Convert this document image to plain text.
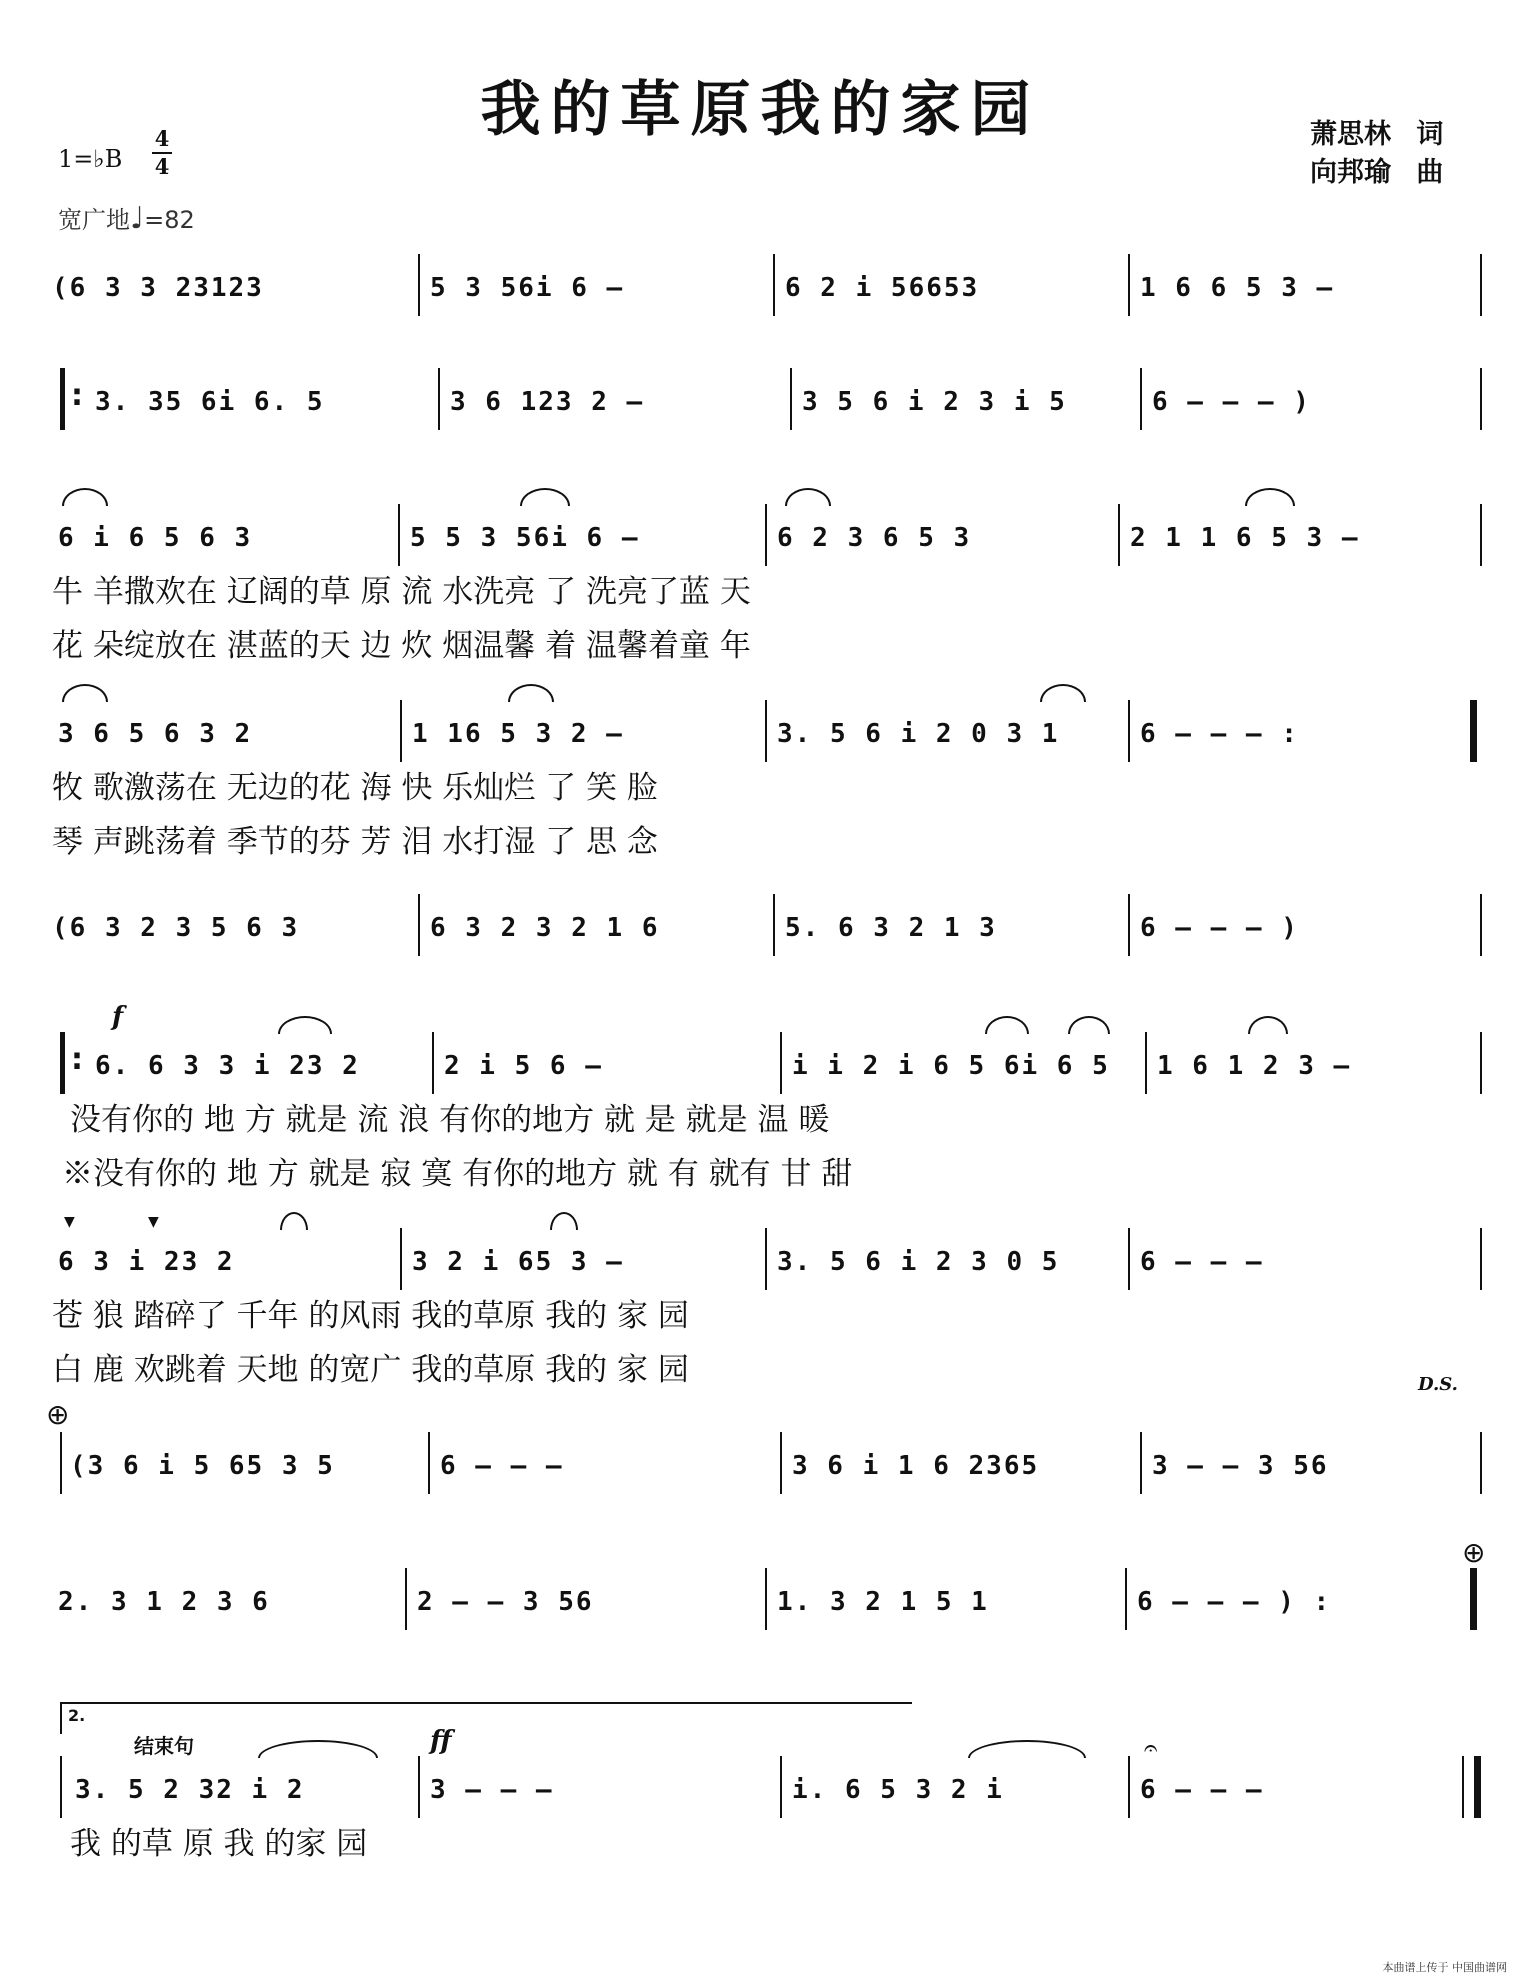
我的草原我的家园	萧思林 词
向邦瑜 曲
1=♭B
4
4
宽广地♩=82
(6 3 3 23123	5 3 56i 6 –	6 2 i 56653	1 6 6 5 3 –
:
3. 35 6i 6. 5	3 6 123 2 –	3 5 6 i 2 3 i 5	6 – – – )
6 i 6 5 6 3	5 5 3 56i 6 –	6 2 3 6 5 3	2 1 1 6 5 3 –
牛 羊撒欢在 辽阔的草 原 流 水洗亮 了 洗亮了蓝 天
花 朵绽放在 湛蓝的天 边 炊 烟温馨 着 温馨着童 年
3 6 5 6 3 2	1 16 5 3 2 –	3. 5 6 i 2 0 3 1	6 – – – :
牧 歌激荡在 无边的花 海 快 乐灿烂 了 笑 脸
琴 声跳荡着 季节的芬 芳 泪 水打湿 了 思 念
(6 3 2 3 5 6 3	6 3 2 3 2 1 6	5. 6 3 2 1 3	6 – – – )
f
:
6. 6 3 3 i 23 2	2 i 5 6 –	i i 2 i 6 5 6i 6 5 1 6 1 2 3 –
没有你的 地 方 就是 流 浪 有你的地方 就 是 就是 温 暖
※没有你的 地 方 就是 寂 寞 有你的地方 就 有 就有 甘 甜
▼	▼
6 3 i 23 2	3 2 i 65 3 –	3. 5 6 i 2 3 0 5	6 – – –
苍 狼 踏碎了 千年 的风雨 我的草原 我的 家 园
白 鹿 欢跳着 天地 的宽广 我的草原 我的 家 园
⊕
D.S.
(3 6 i 5 65 3 5	6 – – –	3 6 i 1 6 2365	3 – – 3 56
⊕
2. 3 1 2 3 6	2 – – 3 56	1. 3 2 1 5 1	6 – – – ) :
2.
结束句	ff	𝄐
3. 5 2 32 i 2	3 – – –	i. 6 5 3 2 i	6 – – –
我 的草 原 我 的家 园
本曲谱上传于 中国曲谱网
